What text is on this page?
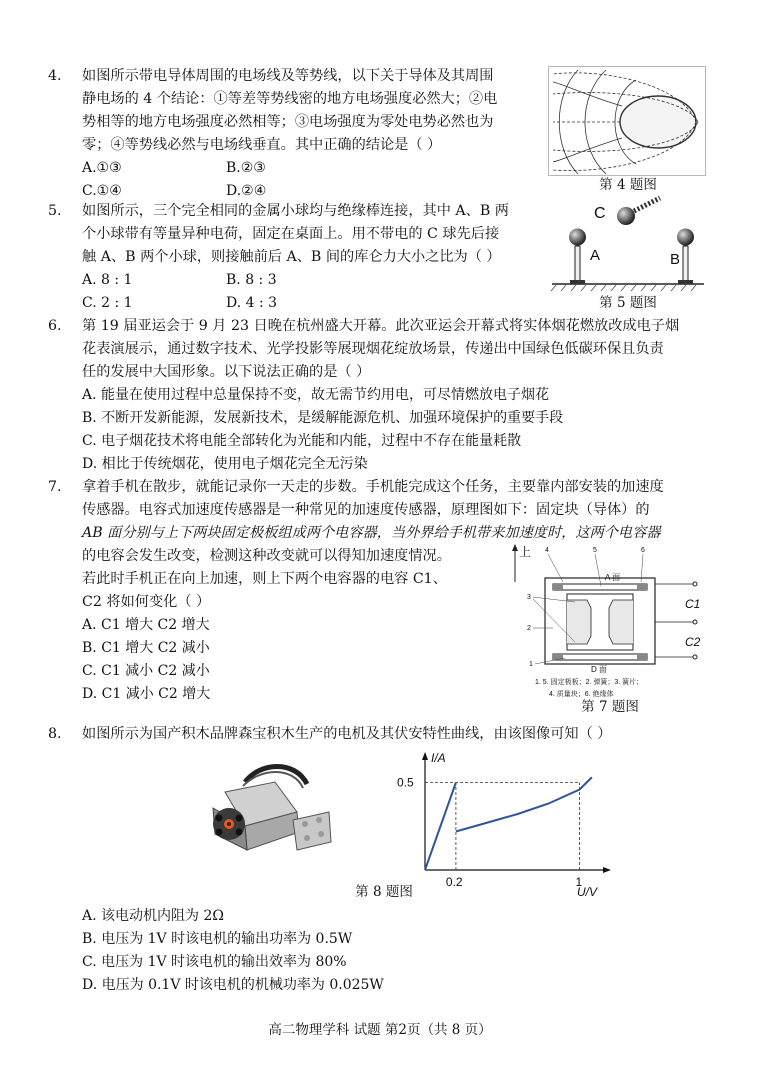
4. 如图所示带电导体周围的电场线及等势线，以下关于导体及其周围
静电场的 4 个结论：①等差等势线密的地方电场强度必然大；②电
势相等的地方电场强度必然相等；③电场强度为零处电势必然也为
零；④等势线必然与电场线垂直。其中正确的结论是（ ）
A.①③	B.②③
C.①④	D.②④	第 4 题图
5. 如图所示，三个完全相同的金属小球均与绝缘棒连接，其中 A、B 两
个小球带有等量异种电荷，固定在桌面上。用不带电的 C 球先后接
触 A、B 两个小球，则接触前后 A、B 间的库仑力大小之比为（ ）
A. 8 : 1	B. 8 : 3
C. 2 : 1	D. 4 : 3
C
A	B
第 5 题图
6. 第 19 届亚运会于 9 月 23 日晚在杭州盛大开幕。此次亚运会开幕式将实体烟花燃放改成电子烟
花表演展示，通过数字技术、光学投影等展现烟花绽放场景，传递出中国绿色低碳环保且负责
任的发展中大国形象。以下说法正确的是（ ）
A. 能量在使用过程中总量保持不变，故无需节约用电，可尽情燃放电子烟花
B. 不断开发新能源，发展新技术，是缓解能源危机、加强环境保护的重要手段
C. 电子烟花技术将电能全部转化为光能和内能，过程中不存在能量耗散
D. 相比于传统烟花，使用电子烟花完全无污染
7. 拿着手机在散步，就能记录你一天走的步数。手机能完成这个任务，主要靠内部安装的加速度
传感器。电容式加速度传感器是一种常见的加速度传感器，原理图如下：固定块（导体）的
AB 面分别与上下两块固定极板组成两个电容器，当外界给手机带来加速度时，这两个电容器
的电容会发生改变，检测这种改变就可以得知加速度情况。
若此时手机正在向上加速，则上下两个电容器的电容 C1、
C2 将如何变化（ ）
A. C1 增大 C2 增大
B. C1 增大 C2 减小
C. C1 减小 C2 减小
D. C1 减小 C2 增大
上
C1
C2
A 面
D 面
4	5	6
3
2
1
1. 5. 固定极板；2. 弹簧；3. 簧片；
4. 质量块；6. 绝缘体
第 7 题图
8. 如图所示为国产积木品牌森宝积木生产的电机及其伏安特性曲线，由该图像可知（ ）
第 8 题图
0.2	1
0.5
I/A
U/V
A. 该电动机内阻为 2Ω
B. 电压为 1V 时该电机的输出功率为 0.5W
C. 电压为 1V 时该电机的输出效率为 80%
D. 电压为 0.1V 时该电机的机械功率为 0.025W
高二物理学科 试题 第2页（共 8 页）
